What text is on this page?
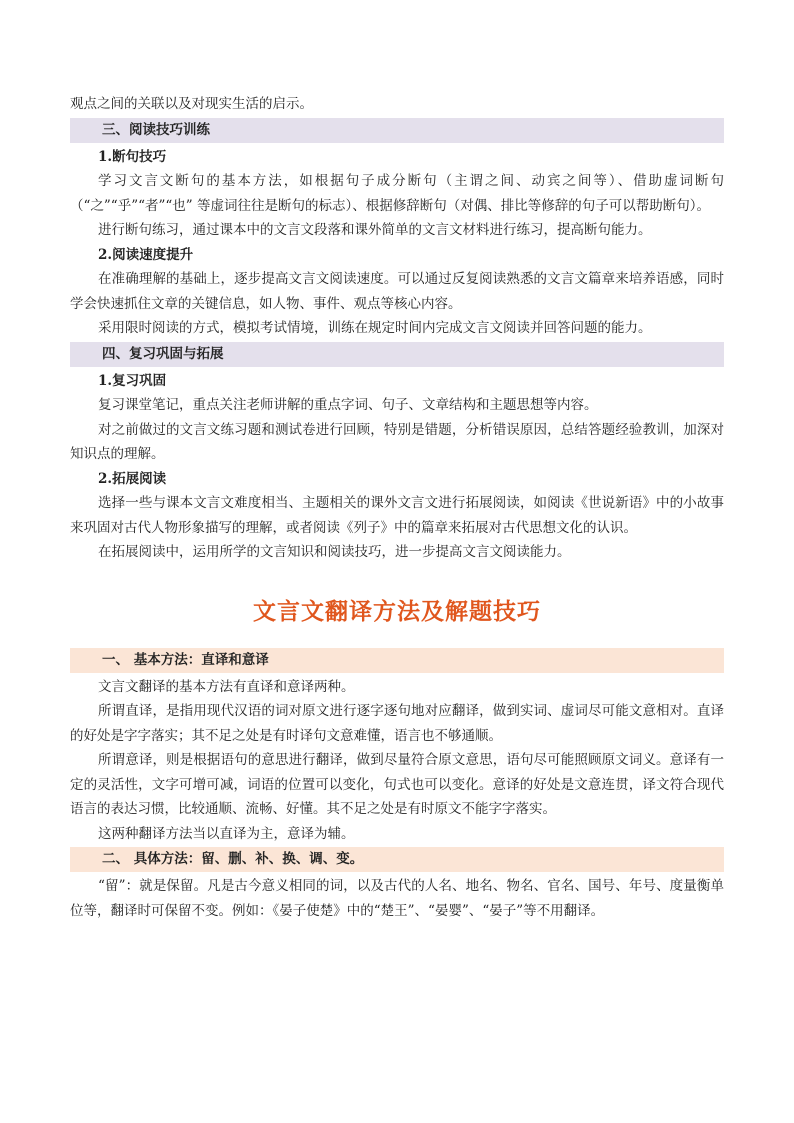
观点之间的关联以及对现实生活的启示。

三、阅读技巧训练
1.断句技巧

学习文言文断句的基本方法，如根据句子成分断句（主谓之间、动宾之间等）、借助虚词断句（“之”“乎”“者”“也” 等虚词往往是断句的标志）、根据修辞断句（对偶、排比等修辞的句子可以帮助断句）。

进行断句练习，通过课本中的文言文段落和课外简单的文言文材料进行练习，提高断句能力。

2.阅读速度提升

在准确理解的基础上，逐步提高文言文阅读速度。可以通过反复阅读熟悉的文言文篇章来培养语感，同时学会快速抓住文章的关键信息，如人物、事件、观点等核心内容。

采用限时阅读的方式，模拟考试情境，训练在规定时间内完成文言文阅读并回答问题的能力。

四、复习巩固与拓展
1.复习巩固

复习课堂笔记，重点关注老师讲解的重点字词、句子、文章结构和主题思想等内容。

对之前做过的文言文练习题和测试卷进行回顾，特别是错题，分析错误原因，总结答题经验教训，加深对知识点的理解。

2.拓展阅读

选择一些与课本文言文难度相当、主题相关的课外文言文进行拓展阅读，如阅读《世说新语》中的小故事来巩固对古代人物形象描写的理解，或者阅读《列子》中的篇章来拓展对古代思想文化的认识。

在拓展阅读中，运用所学的文言知识和阅读技巧，进一步提高文言文阅读能力。

文言文翻译方法及解题技巧
一、 基本方法：直译和意译

文言文翻译的基本方法有直译和意译两种。

所谓直译，是指用现代汉语的词对原文进行逐字逐句地对应翻译，做到实词、虚词尽可能文意相对。直译的好处是字字落实；其不足之处是有时译句文意难懂，语言也不够通顺。

所谓意译，则是根据语句的意思进行翻译，做到尽量符合原文意思，语句尽可能照顾原文词义。意译有一定的灵活性，文字可增可减，词语的位置可以变化，句式也可以变化。意译的好处是文意连贯，译文符合现代语言的表达习惯，比较通顺、流畅、好懂。其不足之处是有时原文不能字字落实。

这两种翻译方法当以直译为主，意译为辅。

二、 具体方法：留、删、补、换、调、变。

“留”：就是保留。凡是古今意义相同的词，以及古代的人名、地名、物名、官名、国号、年号、度量衡单位等，翻译时可保留不变。例如：《晏子使楚》中的“楚王”、“晏婴”、“晏子”等不用翻译。
